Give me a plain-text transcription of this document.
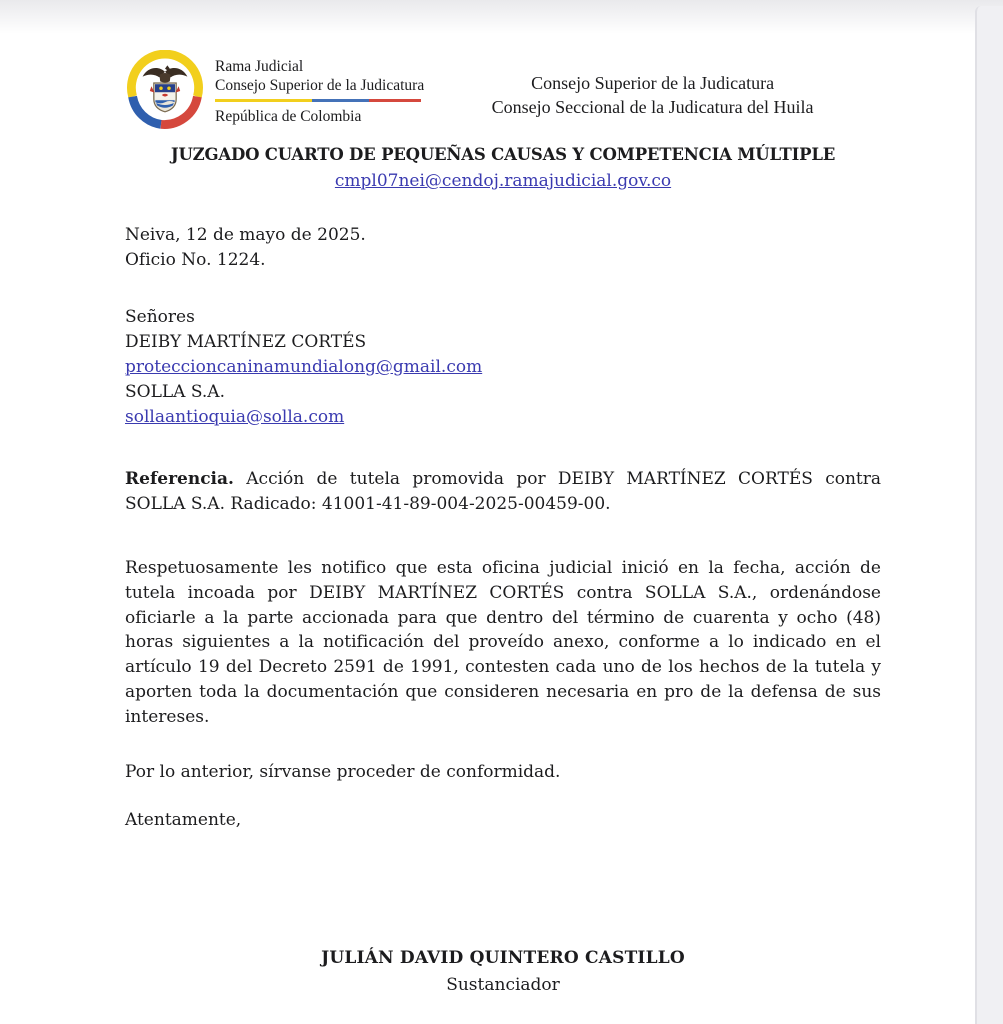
Rama Judicial
Consejo Superior de la Judicatura
República de Colombia
Consejo Superior de la Judicatura
Consejo Seccional de la Judicatura del Huila
JUZGADO CUARTO DE PEQUEÑAS CAUSAS Y COMPETENCIA MÚLTIPLE
cmpl07nei@cendoj.ramajudicial.gov.co
Neiva, 12 de mayo de 2025.
Oficio No. 1224.
Señores
DEIBY MARTÍNEZ CORTÉS
proteccioncaninamundialong@gmail.com
SOLLA S.A.
sollaantioquia@solla.com

Referencia. Acción de tutela promovida por DEIBY MARTÍNEZ CORTÉS contra SOLLA S.A. Radicado: 41001-41-89-004-2025-00459-00.

Respetuosamente les notifico que esta oficina judicial inició en la fecha, acción de tutela incoada por DEIBY MARTÍNEZ CORTÉS contra SOLLA S.A., ordenándose oficiarle a la parte accionada para que dentro del término de cuarenta y ocho (48) horas siguientes a la notificación del proveído anexo, conforme a lo indicado en el artículo 19 del Decreto 2591 de 1991, contesten cada uno de los hechos de la tutela y aporten toda la documentación que consideren necesaria en pro de la defensa de sus intereses.

Por lo anterior, sírvanse proceder de conformidad.

Atentamente,

JULIÁN DAVID QUINTERO CASTILLO
Sustanciador
